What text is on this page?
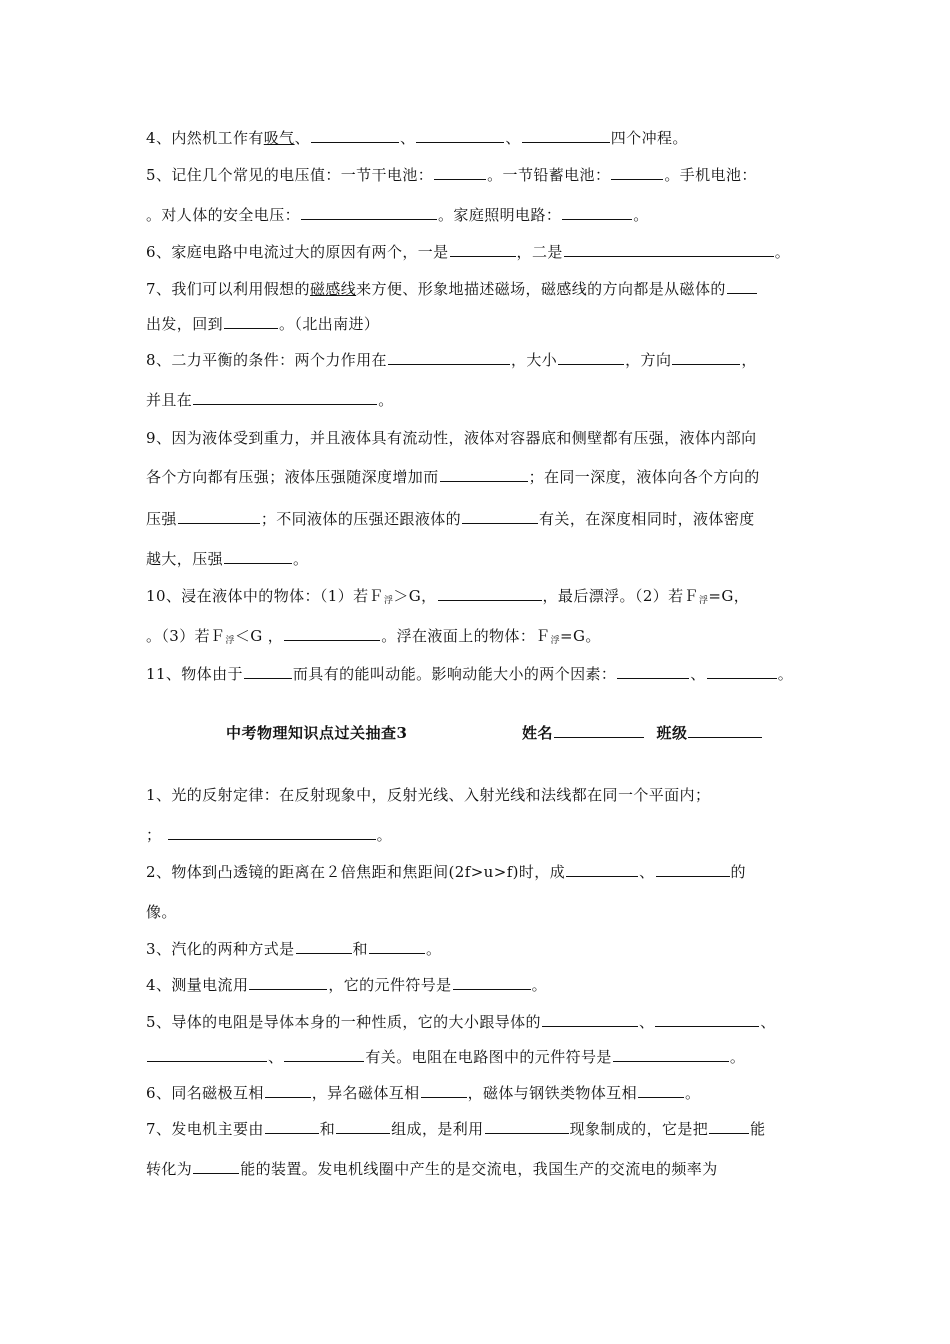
4、内然机工作有吸气、	、	、	四个冲程。
5、记住几个常见的电压值：一节干电池：	。一节铅蓄电池：	。手机电池：
。对人体的安全电压：	。家庭照明电路：	。
6、家庭电路中电流过大的原因有两个，一是	，二是	。
7、我们可以利用假想的磁感线来方便、形象地描述磁场，磁感线的方向都是从磁体的
出发，回到	。（北出南进）
8、二力平衡的条件：两个力作用在	，大小	，方向	，
并且在	。
9、因为液体受到重力，并且液体具有流动性，液体对容器底和侧壁都有压强，液体内部向
各个方向都有压强；液体压强随深度增加而	；在同一深度，液体向各个方向的
压强	；不同液体的压强还跟液体的	有关，在深度相同时，液体密度
越大，压强	。
10、浸在液体中的物体：（1）若Ｆ$_浮$＞G，	，最后漂浮。（2）若Ｆ$_浮$=G，
。（3）若Ｆ$_浮$＜G ，	。浮在液面上的物体：Ｆ$_浮$=G。
11、物体由于	而具有的能叫动能。影响动能大小的两个因素：	、	。
中考物理知识点过关抽查3	姓名	班级
1、光的反射定律：在反射现象中，反射光线、入射光线和法线都在同一个平面内；
；	。
2、物体到凸透镜的距离在２倍焦距和焦距间(2f>u>f)时，成	、	的
像。
3、汽化的两种方式是	和	。
4、测量电流用	，它的元件符号是	。
5、导体的电阻是导体本身的一种性质，它的大小跟导体的	、	、
、	有关。电阻在电路图中的元件符号是	。
6、同名磁极互相	，异名磁体互相	，磁体与钢铁类物体互相	。
7、发电机主要由	和	组成，是利用	现象制成的，它是把	能
转化为	能的装置。发电机线圈中产生的是交流电，我国生产的交流电的频率为
